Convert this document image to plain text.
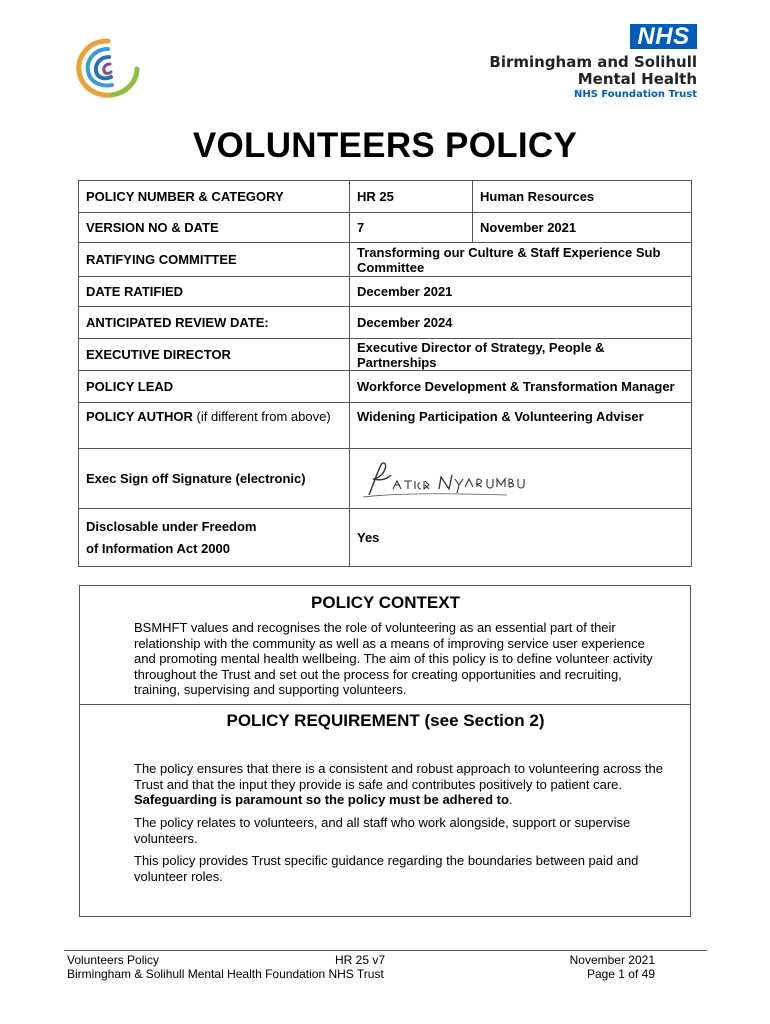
NHS
Birmingham and Solihull
Mental Health
NHS Foundation Trust
VOLUNTEERS POLICY
POLICY NUMBER & CATEGORY	HR 25	Human Resources
VERSION NO & DATE	7	November 2021
RATIFYING COMMITTEE	Transforming our Culture & Staff Experience Sub Committee	
DATE RATIFIED	December 2021	
ANTICIPATED REVIEW DATE:	December 2024	
EXECUTIVE DIRECTOR	Executive Director of Strategy, People & Partnerships	
POLICY LEAD	Workforce Development & Transformation Manager	
POLICY AUTHOR (if different from above)	Widening Participation & Volunteering Adviser	
Exec Sign off Signature (electronic)	

Disclosable under Freedom
of Information Act 2000	Yes	
POLICY CONTEXT
BSMHFT values and recognises the role of volunteering as an essential part of their relationship with the community as well as a means of improving service user experience and promoting mental health wellbeing. The aim of this policy is to define volunteer activity throughout the Trust and set out the process for creating opportunities and recruiting, training, supervising and supporting volunteers.
POLICY REQUIREMENT (see Section 2)
The policy ensures that there is a consistent and robust approach to volunteering across the Trust and that the input they provide is safe and contributes positively to patient care. Safeguarding is paramount so the policy must be adhered to.
The policy relates to volunteers, and all staff who work alongside, support or supervise volunteers.
This policy provides Trust specific guidance regarding the boundaries between paid and volunteer roles.
Volunteers Policy
Birmingham & Solihull Mental Health Foundation NHS Trust
HR 25 v7	November 2021
Page 1 of 49
